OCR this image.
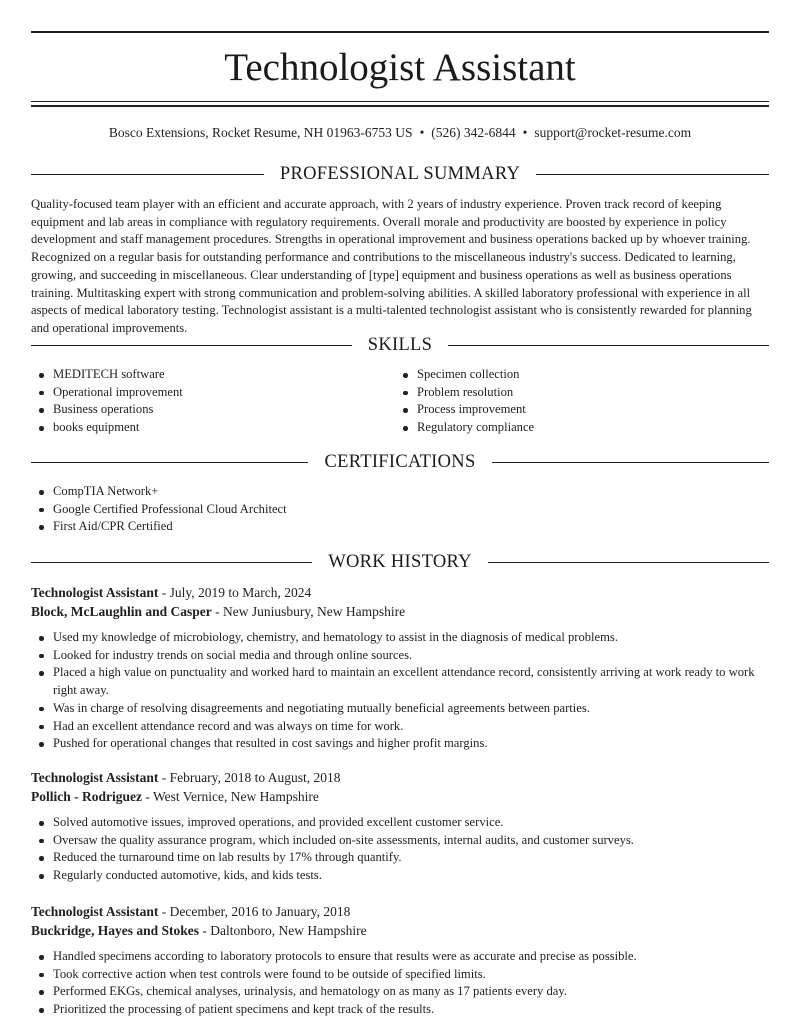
Technologist Assistant
Bosco Extensions, Rocket Resume, NH 01963-6753 US • (526) 342-6844 • support@rocket-resume.com
PROFESSIONAL SUMMARY

Quality-focused team player with an efficient and accurate approach, with 2 years of industry experience. Proven track record of keeping equipment and lab areas in compliance with regulatory requirements. Overall morale and productivity are boosted by experience in policy development and staff management procedures. Strengths in operational improvement and business operations backed up by whoever training. Recognized on a regular basis for outstanding performance and contributions to the miscellaneous industry's success. Dedicated to learning, growing, and succeeding in miscellaneous. Clear understanding of [type] equipment and business operations as well as business operations training. Multitasking expert with strong communication and problem-solving abilities. A skilled laboratory professional with experience in all aspects of medical laboratory testing. Technologist assistant is a multi-talented technologist assistant who is consistently rewarded for planning and operational improvements.

SKILLS
MEDITECH software
Operational improvement
Business operations
books equipment
Specimen collection
Problem resolution
Process improvement
Regulatory compliance
CERTIFICATIONS
CompTIA Network+
Google Certified Professional Cloud Architect
First Aid/CPR Certified
WORK HISTORY
Technologist Assistant - July, 2019 to March, 2024
Block, McLaughlin and Casper - New Juniusbury, New Hampshire
Used my knowledge of microbiology, chemistry, and hematology to assist in the diagnosis of medical problems.
Looked for industry trends on social media and through online sources.
Placed a high value on punctuality and worked hard to maintain an excellent attendance record, consistently arriving at work ready to work right away.
Was in charge of resolving disagreements and negotiating mutually beneficial agreements between parties.
Had an excellent attendance record and was always on time for work.
Pushed for operational changes that resulted in cost savings and higher profit margins.
Technologist Assistant - February, 2018 to August, 2018
Pollich - Rodriguez - West Vernice, New Hampshire
Solved automotive issues, improved operations, and provided excellent customer service.
Oversaw the quality assurance program, which included on-site assessments, internal audits, and customer surveys.
Reduced the turnaround time on lab results by 17% through quantify.
Regularly conducted automotive, kids, and kids tests.
Technologist Assistant - December, 2016 to January, 2018
Buckridge, Hayes and Stokes - Daltonboro, New Hampshire
Handled specimens according to laboratory protocols to ensure that results were as accurate and precise as possible.
Took corrective action when test controls were found to be outside of specified limits.
Performed EKGs, chemical analyses, urinalysis, and hematology on as many as 17 patients every day.
Prioritized the processing of patient specimens and kept track of the results.
